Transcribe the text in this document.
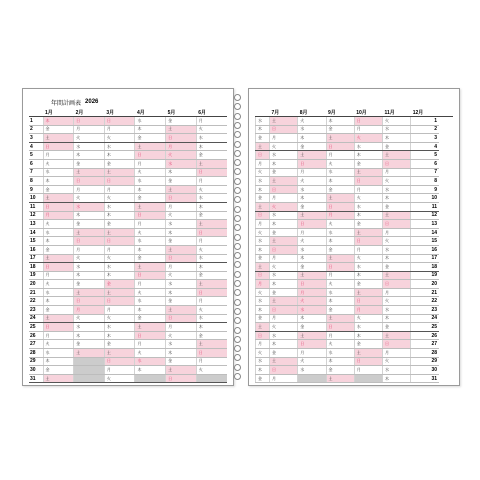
年間計画表 2026
	1月	2月	3月	4月	5月	6月
1	木	日	日	水	金	月
2	金	月	月	木	土	火
3	土	火	火	金	日	水
4	日	水	水	土	月	木
5	月	木	木	日	火	金
6	火	金	金	月	水	土
7	水	土	土	火	木	日
8	木	日	日	水	金	月
9	金	月	月	木	土	火
10	土	火	火	金	日	水
11	日	水	水	土	月	木
12	月	木	木	日	火	金
13	火	金	金	月	水	土
14	水	土	土	火	木	日
15	木	日	日	水	金	月
16	金	月	月	木	土	火
17	土	火	火	金	日	水
18	日	水	水	土	月	木
19	月	木	木	日	火	金
20	火	金	金	月	水	土
21	水	土	土	火	木	日
22	木	日	日	水	金	月
23	金	月	月	木	土	火
24	土	火	火	金	日	水
25	日	水	水	土	月	木
26	月	木	木	日	火	金
27	火	金	金	月	水	土
28	水	土	土	火	木	日
29	木		日	水	金	月
30	金		月	木	土	火
31	土		火		日	
	7月	8月	9月	10月	11月	12月	
水	土	火	木	日	火	1	
木	日	水	金	月	水	2	
金	月	木	土	火	木	3	
土	火	金	日	水	金	4	
日	水	土	月	木	土	5	
月	木	日	火	金	日	6	
火	金	月	水	土	月	7	
水	土	火	木	日	火	8	
木	日	水	金	月	水	9	
金	月	木	土	火	木	10	
土	火	金	日	水	金	11	
日	水	土	月	木	土	12	
月	木	日	火	金	日	13	
火	金	月	水	土	月	14	
水	土	火	木	日	火	15	
木	日	水	金	月	水	16	
金	月	木	土	火	木	17	
土	火	金	日	水	金	18	
日	水	土	月	木	土	19	
月	木	日	火	金	日	20	
火	金	月	水	土	月	21	
水	土	火	木	日	火	22	
木	日	水	金	月	水	23	
金	月	木	土	火	木	24	
土	火	金	日	水	金	25	
日	水	土	月	木	土	26	
月	木	日	火	金	日	27	
火	金	月	水	土	月	28	
水	土	火	木	日	火	29	
木	日	水	金	月	水	30	
金	月		土		木	31	
